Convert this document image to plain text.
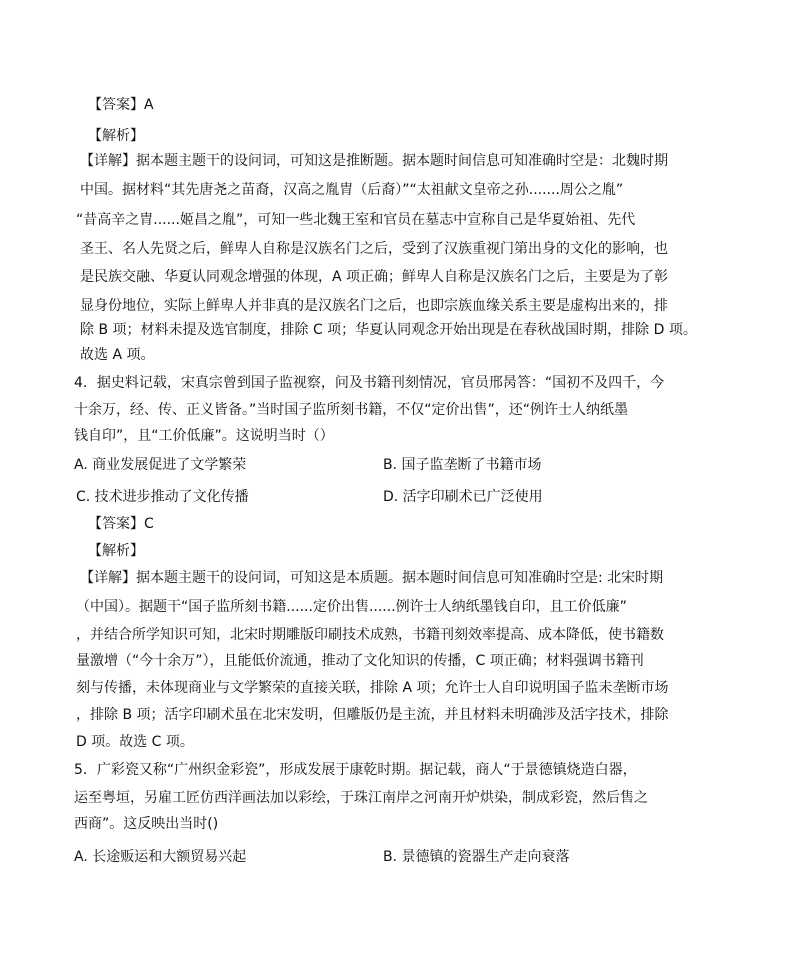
【答案】A
【解析】
【详解】据本题主题干的设问词，可知这是推断题。据本题时间信息可知准确时空是：北魏时期
中国。据材料“其先唐尧之苗裔，汉高之胤胄（后裔）”“太祖献文皇帝之孙.......周公之胤”
“昔高辛之胄......姬昌之胤”，可知一些北魏王室和官员在墓志中宣称自己是华夏始祖、先代
圣王、名人先贤之后，鲜卑人自称是汉族名门之后，受到了汉族重视门第出身的文化的影响，也
是民族交融、华夏认同观念增强的体现，A 项正确；鲜卑人自称是汉族名门之后，主要是为了彰
显身份地位，实际上鲜卑人并非真的是汉族名门之后，也即宗族血缘关系主要是虚构出来的，排
除 B 项；材料未提及选官制度，排除 C 项；华夏认同观念开始出现是在春秋战国时期，排除 D 项。
故选 A 项。
4．据史料记载，宋真宗曾到国子监视察，问及书籍刊刻情况，官员邢昺答：“国初不及四千，今
十余万，经、传、正义皆备。”当时国子监所刻书籍，不仅“定价出售”，还“例许士人纳纸墨
钱自印”，且“工价低廉”。这说明当时（）
A. 商业发展促进了文学繁荣	B. 国子监垄断了书籍市场
C. 技术进步推动了文化传播	D. 活字印刷术已广泛使用
【答案】C
【解析】
【详解】据本题主题干的设问词，可知这是本质题。据本题时间信息可知准确时空是: 北宋时期
（中国）。据题干“国子监所刻书籍......定价出售......例许士人纳纸墨钱自印，且工价低廉”
，并结合所学知识可知，北宋时期雕版印刷技术成熟，书籍刊刻效率提高、成本降低，使书籍数
量激增（“今十余万”），且能低价流通，推动了文化知识的传播，C 项正确；材料强调书籍刊
刻与传播，未体现商业与文学繁荣的直接关联，排除 A 项；允许士人自印说明国子监未垄断市场
，排除 B 项；活字印刷术虽在北宋发明，但雕版仍是主流，并且材料未明确涉及活字技术，排除
D 项。故选 C 项。
5．广彩瓷又称“广州织金彩瓷”，形成发展于康乾时期。据记载，商人“于景德镇烧造白器，
运至粤垣，另雇工匠仿西洋画法加以彩绘，于珠江南岸之河南开炉烘染，制成彩瓷，然后售之
西商”。这反映出当时()
A. 长途贩运和大额贸易兴起	B. 景德镇的瓷器生产走向衰落
